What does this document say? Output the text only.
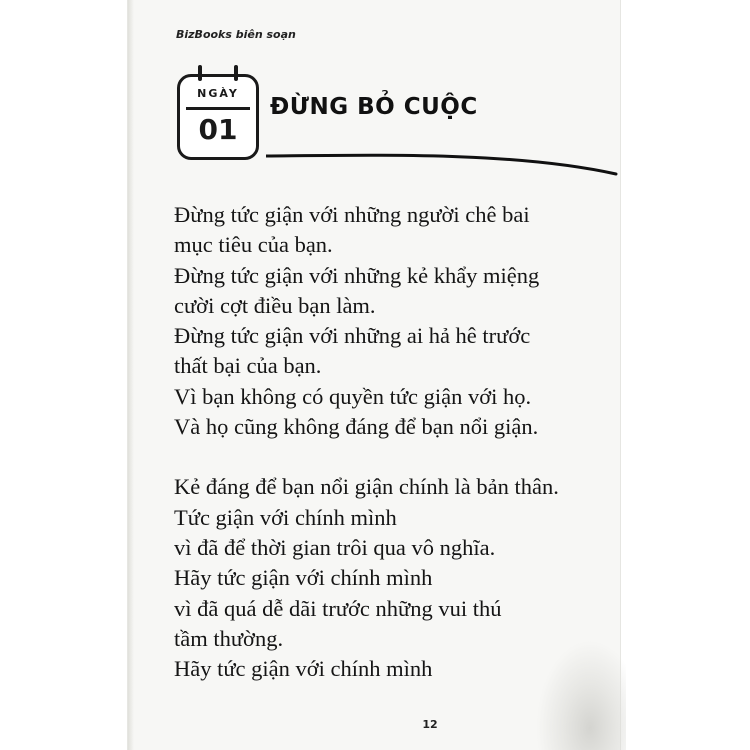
BizBooks biên soạn
NGÀY
01
ĐỪNG BỎ CUỘC
Đừng tức giận với những người chê bai
mục tiêu của bạn.
Đừng tức giận với những kẻ khẩy miệng
cười cợt điều bạn làm.
Đừng tức giận với những ai hả hê trước
thất bại của bạn.
Vì bạn không có quyền tức giận với họ.
Và họ cũng không đáng để bạn nổi giận.
Kẻ đáng để bạn nổi giận chính là bản thân.
Tức giận với chính mình
vì đã để thời gian trôi qua vô nghĩa.
Hãy tức giận với chính mình
vì đã quá dễ dãi trước những vui thú
tầm thường.
Hãy tức giận với chính mình
12
